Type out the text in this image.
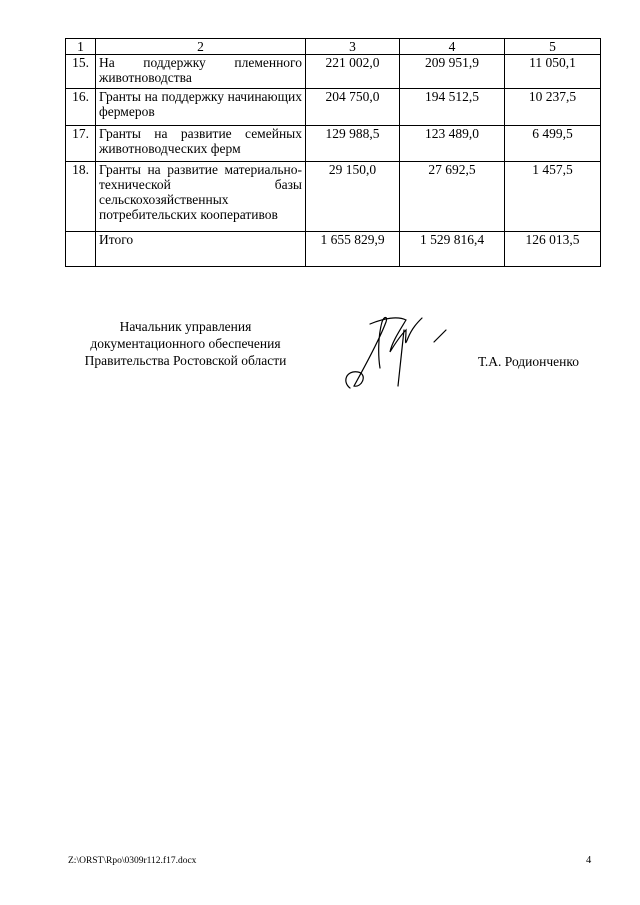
1	2	3	4	5
15.	На поддержку племенного животноводства	221 002,0	209 951,9	11 050,1
16.	Гранты на поддержку начинающих фермеров	204 750,0	194 512,5	10 237,5
17.	Гранты на развитие семейных животноводческих ферм	129 988,5	123 489,0	6 499,5
18.	Гранты на развитие материально-технической базы сельскохозяйственных потребительских кооперативов	29 150,0	27 692,5	1 457,5
	Итого	1 655 829,9	1 529 816,4	126 013,5
Начальник управления
документационного обеспечения
Правительства Ростовской области	Т.А. Родионченко
Z:\ORST\Rpo\0309r112.f17.docx	4
